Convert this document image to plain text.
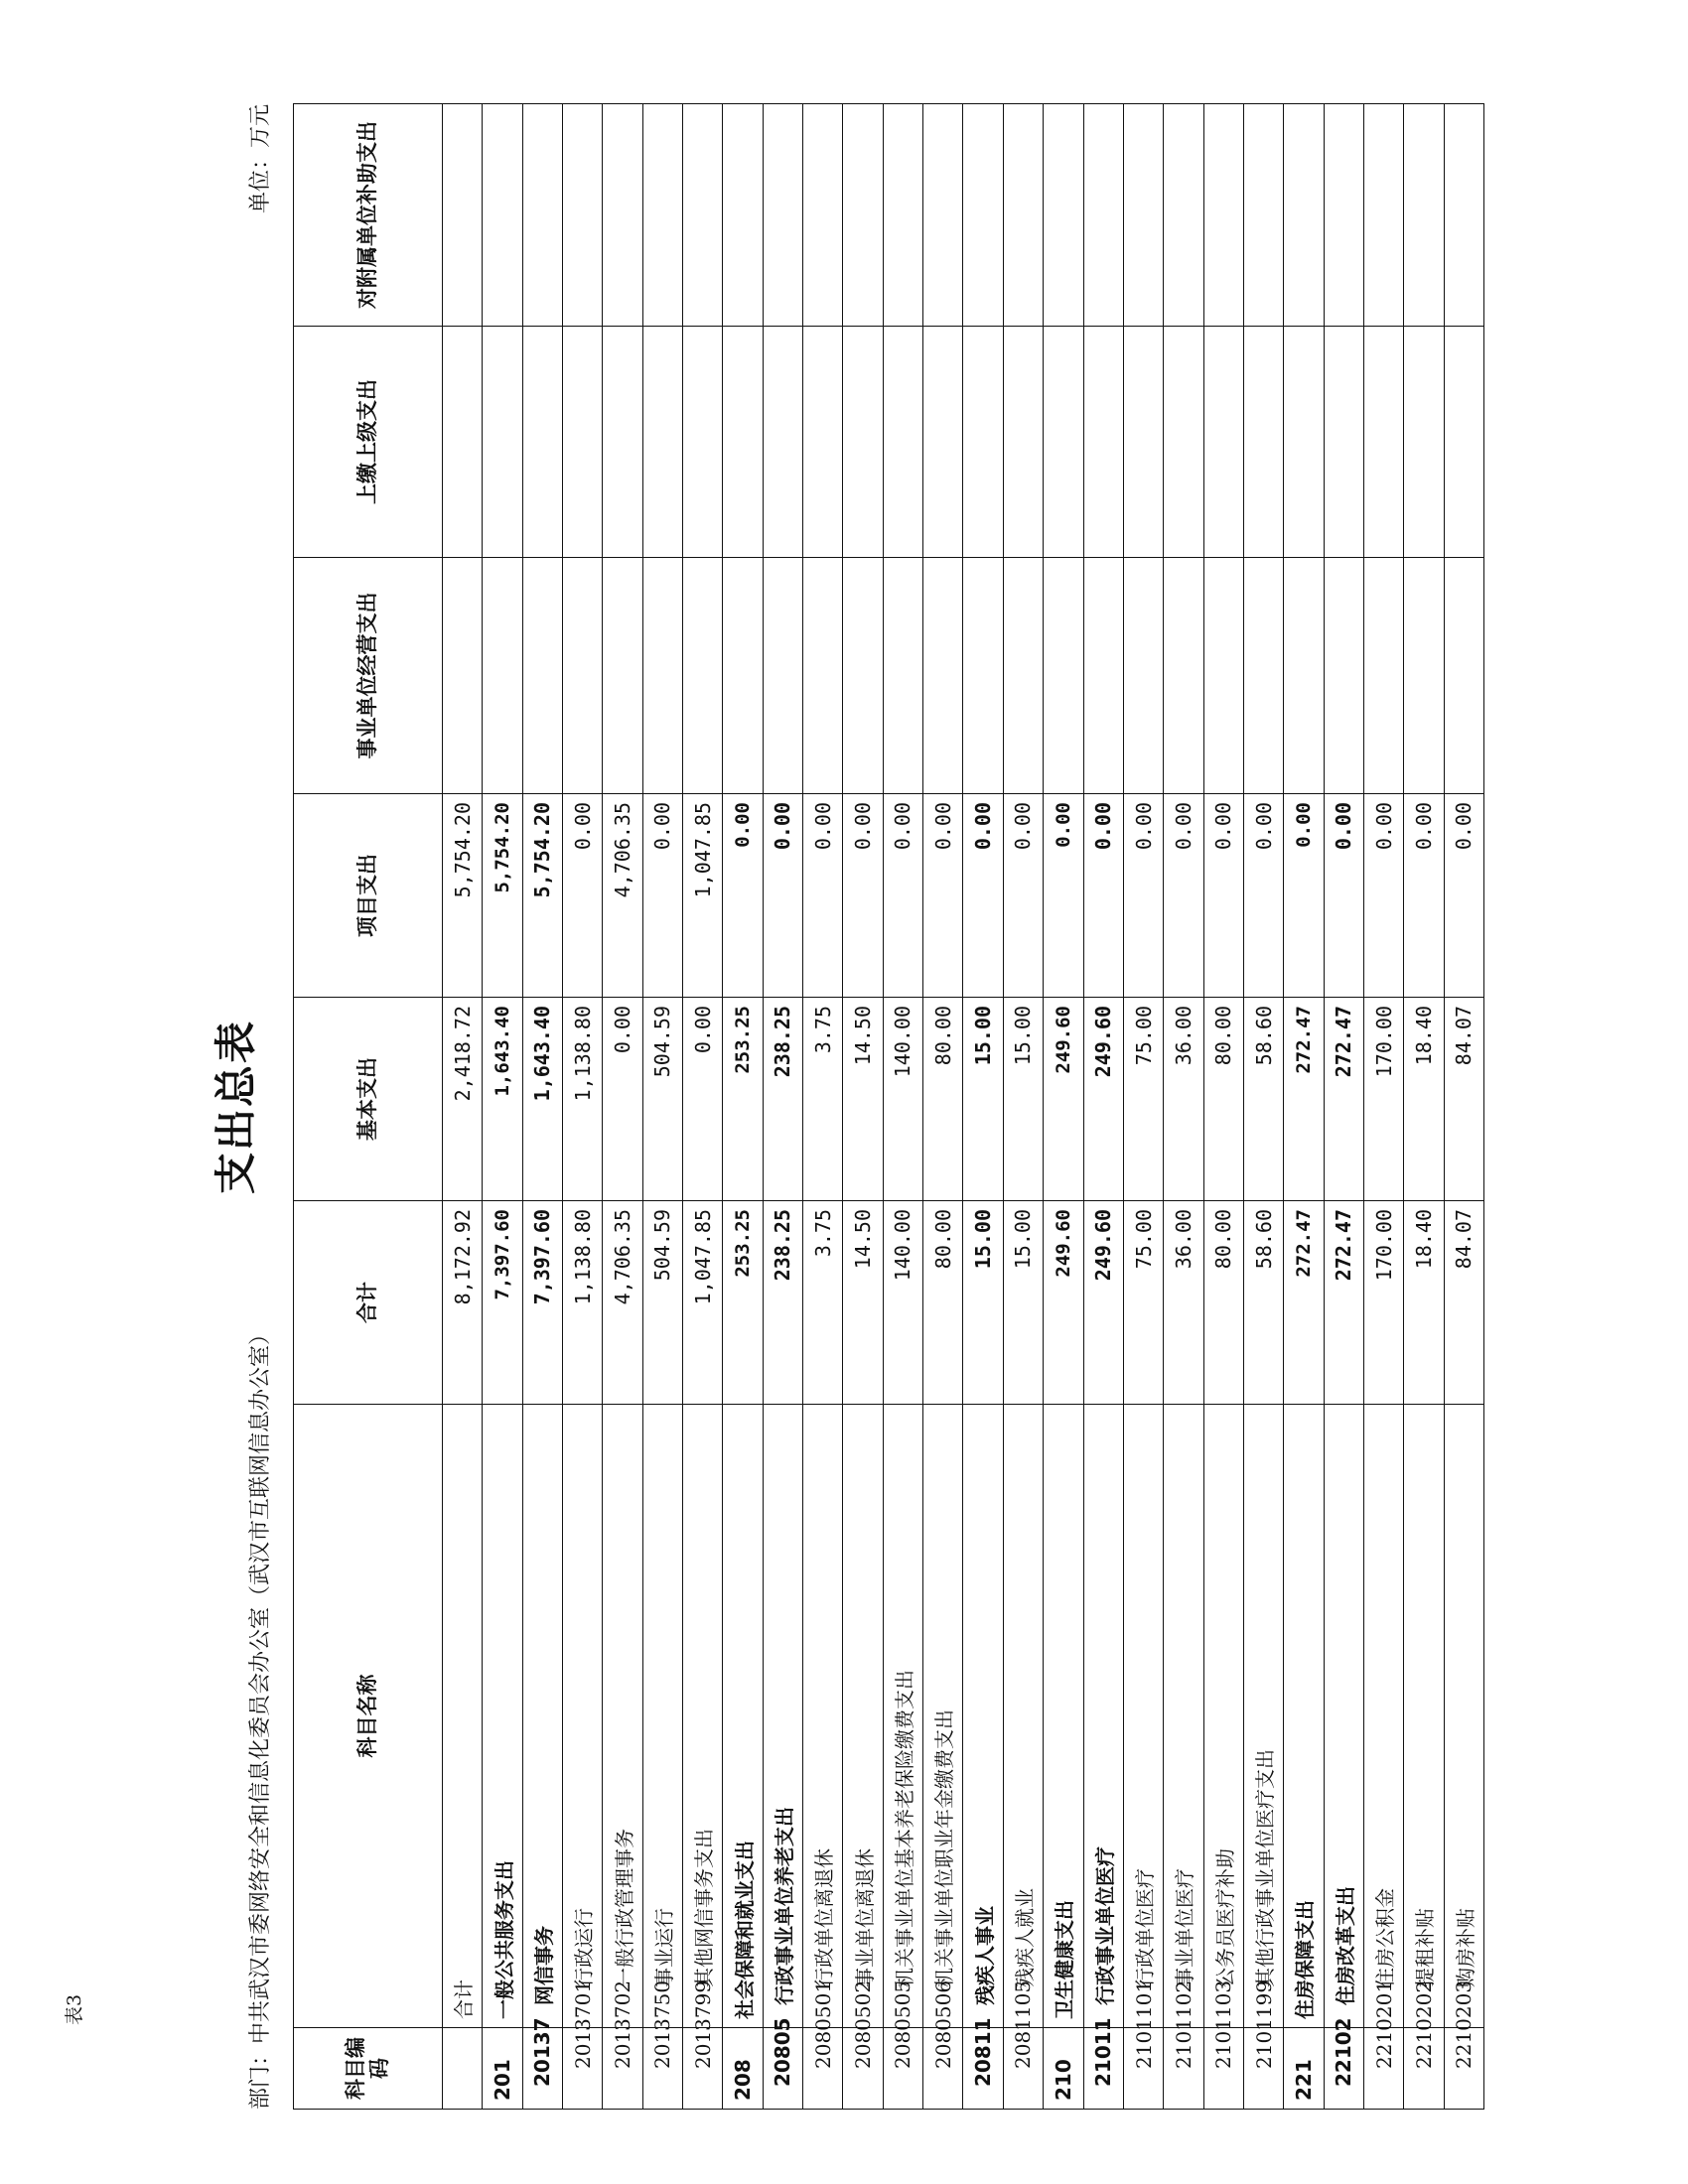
表3
支出总表
部门：中共武汉市委网络安全和信息化委员会办公室（武汉市互联网信息办公室）
单位：万元
科目编码	科目名称	合计	基本支出	项目支出	事业单位经营支出	上缴上级支出	对附属单位补助支出
	合计	8,172.92	2,418.72	5,754.20			
201	一般公共服务支出	7,397.60	1,643.40	5,754.20			
20137	网信事务	7,397.60	1,643.40	5,754.20			
2013701	行政运行	1,138.80	1,138.80	0.00			
2013702	一般行政管理事务	4,706.35	0.00	4,706.35			
2013750	事业运行	504.59	504.59	0.00			
2013799	其他网信事务支出	1,047.85	0.00	1,047.85			
208	社会保障和就业支出	253.25	253.25	0.00			
20805	行政事业单位养老支出	238.25	238.25	0.00			
2080501	行政单位离退休	3.75	3.75	0.00			
2080502	事业单位离退休	14.50	14.50	0.00			
2080505	机关事业单位基本养老保险缴费支出	140.00	140.00	0.00			
2080506	机关事业单位职业年金缴费支出	80.00	80.00	0.00			
20811	残疾人事业	15.00	15.00	0.00			
2081105	残疾人就业	15.00	15.00	0.00			
210	卫生健康支出	249.60	249.60	0.00			
21011	行政事业单位医疗	249.60	249.60	0.00			
2101101	行政单位医疗	75.00	75.00	0.00			
2101102	事业单位医疗	36.00	36.00	0.00			
2101103	公务员医疗补助	80.00	80.00	0.00			
2101199	其他行政事业单位医疗支出	58.60	58.60	0.00			
221	住房保障支出	272.47	272.47	0.00			
22102	住房改革支出	272.47	272.47	0.00			
2210201	住房公积金	170.00	170.00	0.00			
2210202	提租补贴	18.40	18.40	0.00			
2210203	购房补贴	84.07	84.07	0.00			
